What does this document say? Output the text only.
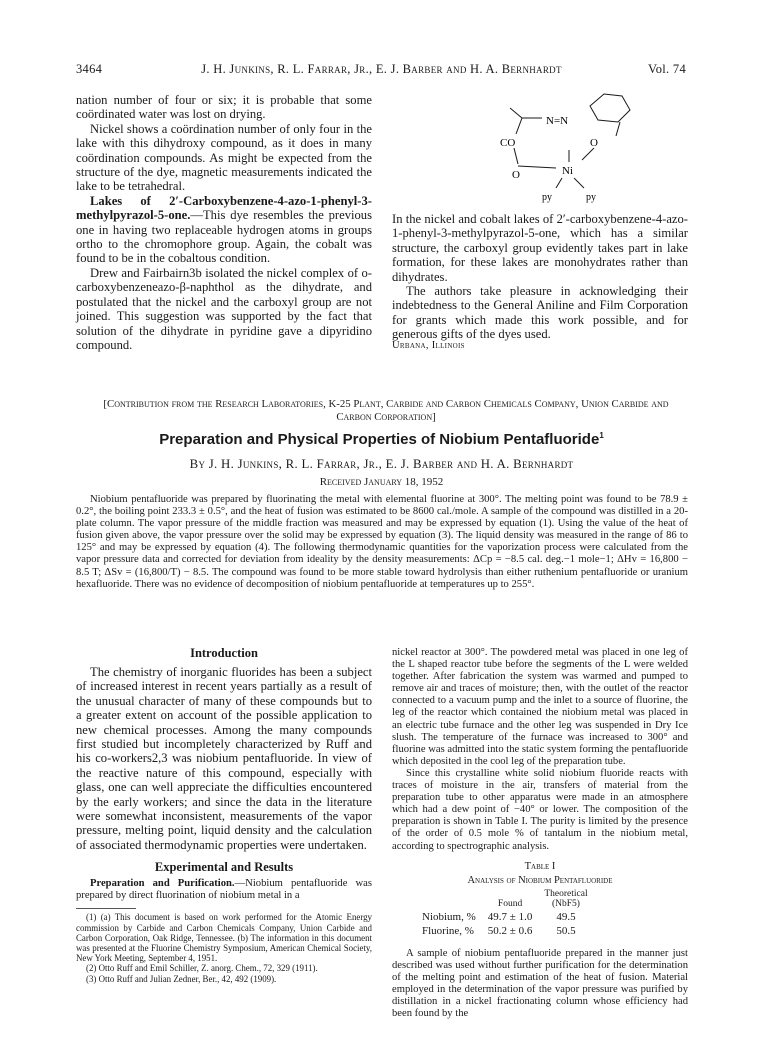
3464	J. H. Junkins, R. L. Farrar, Jr., E. J. Barber and H. A. Bernhardt	Vol. 74

nation number of four or six; it is probable that some coördinated water was lost on drying.

Nickel shows a coördination number of only four in the lake with this dihydroxy compound, as it does in many coördination compounds. As might be expected from the structure of the dye, magnetic measurements indicated the lake to be tetrahedral.

Lakes of 2′-Carboxybenzene-4-azo-1-phenyl-3-methylpyrazol-5-one.—This dye resembles the previous one in having two replaceable hydrogen atoms in groups ortho to the chromophore group. Again, the cobalt was found to be in the cobaltous condition.

Drew and Fairbairn3b isolated the nickel complex of o-carboxybenzeneazo-β-naphthol as the dihydrate, and postulated that the nickel and the carboxyl group are not joined. This suggestion was supported by the fact that solution of the dihydrate in pyridine gave a dipyridino compound.

N=N
CO	O
O	Ni
py	py

In the nickel and cobalt lakes of 2′-carboxybenzene-4-azo-1-phenyl-3-methylpyrazol-5-one, which has a similar structure, the carboxyl group evidently takes part in lake formation, for these lakes are monohydrates rather than dihydrates.

The authors take pleasure in acknowledging their indebtedness to the General Aniline and Film Corporation for grants which made this work possible, and for generous gifts of the dyes used.

Urbana, Illinois
[Contribution from the Research Laboratories, K-25 Plant, Carbide and Carbon Chemicals Company, Union Carbide and Carbon Corporation]
Preparation and Physical Properties of Niobium Pentafluoride$^1$
By J. H. Junkins, R. L. Farrar, Jr., E. J. Barber and H. A. Bernhardt
Received January 18, 1952

Niobium pentafluoride was prepared by fluorinating the metal with elemental fluorine at 300°. The melting point was found to be 78.9 ± 0.2°, the boiling point 233.3 ± 0.5°, and the heat of fusion was estimated to be 8600 cal./mole. A sample of the compound was distilled in a 20-plate column. The vapor pressure of the middle fraction was measured and may be expressed by equation (1). Using the value of the heat of fusion given above, the vapor pressure over the solid may be expressed by equation (3). The liquid density was measured in the range of 86 to 125° and may be expressed by equation (4). The following thermodynamic quantities for the vaporization process were calculated from the vapor pressure data and corrected for deviation from ideality by the density measurements: ΔCp = −8.5 cal. deg.−1 mole−1; ΔHv = 16,800 − 8.5 T; ΔSv = (16,800/T) − 8.5. The compound was found to be more stable toward hydrolysis than either ruthenium pentafluoride or uranium hexafluoride. There was no evidence of decomposition of niobium pentafluoride at temperatures up to 255°.

Introduction

The chemistry of inorganic fluorides has been a subject of increased interest in recent years partially as a result of the unusual character of many of these compounds but to a greater extent on account of the possible application to new chemical processes. Among the many compounds first studied but incompletely characterized by Ruff and his co-workers2,3 was niobium pentafluoride. In view of the reactive nature of this compound, especially with glass, one can well appreciate the difficulties encountered by the early workers; and since the data in the literature were somewhat inconsistent, measurements of the vapor pressure, melting point, liquid density and the calculation of associated thermodynamic properties were undertaken.

Experimental and Results

Preparation and Purification.—Niobium pentafluoride was prepared by direct fluorination of niobium metal in a

(1) (a) This document is based on work performed for the Atomic Energy commission by Carbide and Carbon Chemicals Company, Union Carbide and Carbon Corporation, Oak Ridge, Tennessee. (b) The information in this document was presented at the Fluorine Chemistry Symposium, American Chemical Society, New York Meeting, September 4, 1951.

(2) Otto Ruff and Emil Schiller, Z. anorg. Chem., 72, 329 (1911).

(3) Otto Ruff and Julian Zedner, Ber., 42, 492 (1909).

nickel reactor at 300°. The powdered metal was placed in one leg of the L shaped reactor tube before the segments of the L were welded together. After fabrication the system was warmed and pumped to remove air and traces of moisture; then, with the outlet of the reactor connected to a vacuum pump and the inlet to a source of fluorine, the leg of the reactor which contained the niobium metal was placed in an electric tube furnace and the other leg was suspended in Dry Ice slush. The temperature of the furnace was increased to 300° and fluorine was admitted into the static system forming the pentafluoride which deposited in the cool leg of the preparation tube.

Since this crystalline white solid niobium fluoride reacts with traces of moisture in the air, transfers of material from the preparation tube to other apparatus were made in an atmosphere which had a dew point of −40° or lower. The composition of the preparation is shown in Table I. The purity is limited by the presence of the order of 0.5 mole % of tantalum in the niobium metal, according to spectrographic analysis.

Table I
Analysis of Niobium Pentafluoride
	Found	Theoretical
(NbF5)

Niobium, %	49.7 ± 1.0	49.5
Fluorine, %	50.2 ± 0.6	50.5

A sample of niobium pentafluoride prepared in the manner just described was used without further purification for the determination of the melting point and estimation of the heat of fusion. Material employed in the determination of the vapor pressure was purified by distillation in a nickel fractionating column whose efficiency had been found by the
